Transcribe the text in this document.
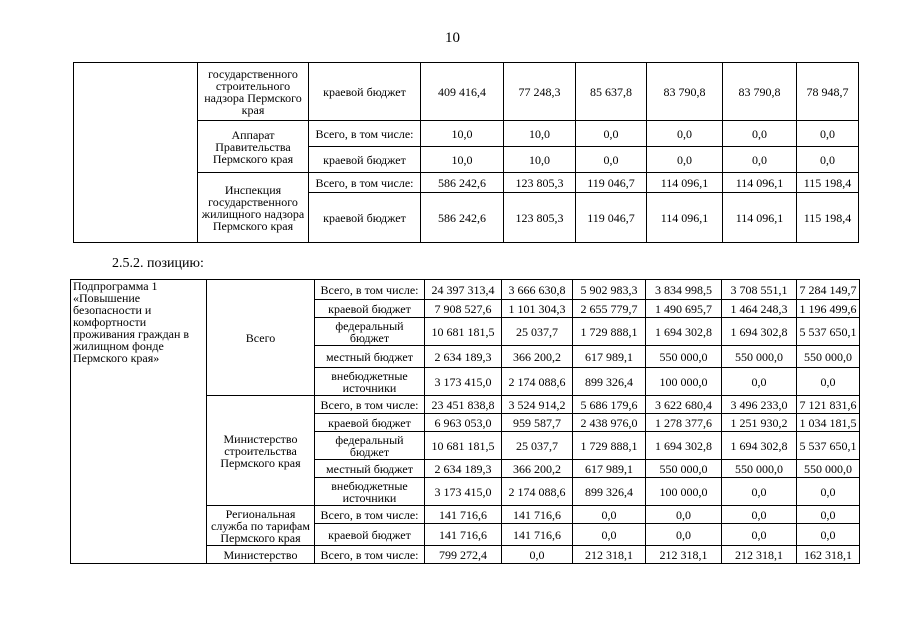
10
	государственного строительного надзора Пермского края	краевой бюджет	409 416,4	77 248,3	85 637,8	83 790,8	83 790,8	78 948,7
	Аппарат Правительства Пермского края	Всего, в том числе:	10,0	10,0	0,0	0,0	0,0	0,0
		краевой бюджет	10,0	10,0	0,0	0,0	0,0	0,0
	Инспекция государственного жилищного надзора Пермского края	Всего, в том числе:	586 242,6	123 805,3	119 046,7	114 096,1	114 096,1	115 198,4
		краевой бюджет	586 242,6	123 805,3	119 046,7	114 096,1	114 096,1	115 198,4
2.5.2. позицию:
Подпрограмма 1 «Повышение безопасности и комфортности проживания граждан в жилищном фонде Пермского края»	Всего	Всего, в том числе:	24 397 313,4	3 666 630,8	5 902 983,3	3 834 998,5	3 708 551,1	7 284 149,7
		краевой бюджет	7 908 527,6	1 101 304,3	2 655 779,7	1 490 695,7	1 464 248,3	1 196 499,6
		федеральный бюджет	10 681 181,5	25 037,7	1 729 888,1	1 694 302,8	1 694 302,8	5 537 650,1
		местный бюджет	2 634 189,3	366 200,2	617 989,1	550 000,0	550 000,0	550 000,0
		внебюджетные источники	3 173 415,0	2 174 088,6	899 326,4	100 000,0	0,0	0,0
	Министерство строительства Пермского края	Всего, в том числе:	23 451 838,8	3 524 914,2	5 686 179,6	3 622 680,4	3 496 233,0	7 121 831,6
		краевой бюджет	6 963 053,0	959 587,7	2 438 976,0	1 278 377,6	1 251 930,2	1 034 181,5
		федеральный бюджет	10 681 181,5	25 037,7	1 729 888,1	1 694 302,8	1 694 302,8	5 537 650,1
		местный бюджет	2 634 189,3	366 200,2	617 989,1	550 000,0	550 000,0	550 000,0
		внебюджетные источники	3 173 415,0	2 174 088,6	899 326,4	100 000,0	0,0	0,0
	Региональная служба по тарифам Пермского края	Всего, в том числе:	141 716,6	141 716,6	0,0	0,0	0,0	0,0
		краевой бюджет	141 716,6	141 716,6	0,0	0,0	0,0	0,0
	Министерство	Всего, в том числе:	799 272,4	0,0	212 318,1	212 318,1	212 318,1	162 318,1
